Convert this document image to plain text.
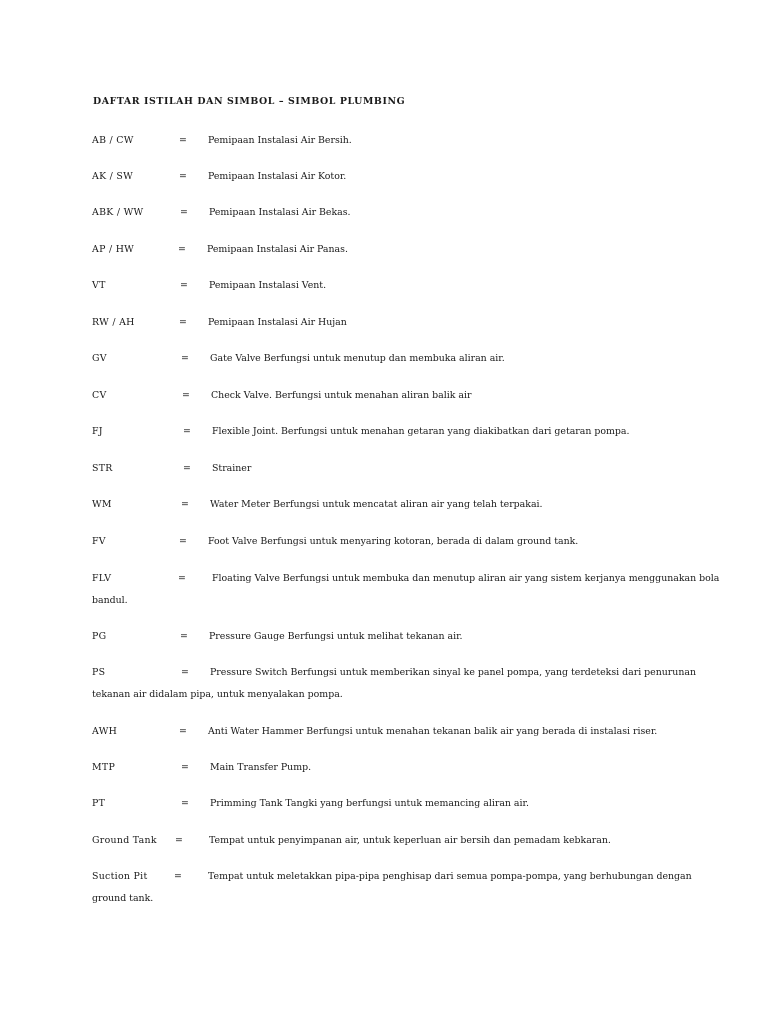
DAFTAR ISTILAH DAN SIMBOL – SIMBOL PLUMBING
AB / CW	= Pemipaan Instalasi Air Bersih.
AK / SW	= Pemipaan Instalasi Air Kotor.
ABK / WW	= Pemipaan Instalasi Air Bekas.
AP / HW	= Pemipaan Instalasi Air Panas.
VT	= Pemipaan Instalasi Vent.
RW / AH	= Pemipaan Instalasi Air Hujan
GV	= Gate Valve Berfungsi untuk menutup dan membuka aliran air.
CV	= Check Valve. Berfungsi untuk menahan aliran balik air
FJ	= Flexible Joint. Berfungsi untuk menahan getaran yang diakibatkan dari getaran pompa.
STR	= Strainer
WM	= Water Meter Berfungsi untuk mencatat aliran air yang telah terpakai.
FV	= Foot Valve Berfungsi untuk menyaring kotoran, berada di dalam ground tank.
FLV	=	Floating Valve Berfungsi untuk membuka dan menutup aliran air yang sistem kerjanya menggunakan bola
bandul.
PG	= Pressure Gauge Berfungsi untuk melihat tekanan air.
PS	= Pressure Switch Berfungsi untuk memberikan sinyal ke panel pompa, yang terdeteksi dari penurunan
tekanan air didalam pipa, untuk menyalakan pompa.
AWH	= Anti Water Hammer Berfungsi untuk menahan tekanan balik air yang berada di instalasi riser.
MTP	= Main Transfer Pump.
PT	= Primming Tank Tangki yang berfungsi untuk memancing aliran air.
Ground Tank =	Tempat untuk penyimpanan air, untuk keperluan air bersih dan pemadam kebkaran.
Suction Pit	=	Tempat untuk meletakkan pipa-pipa penghisap dari semua pompa-pompa, yang berhubungan dengan
ground tank.
